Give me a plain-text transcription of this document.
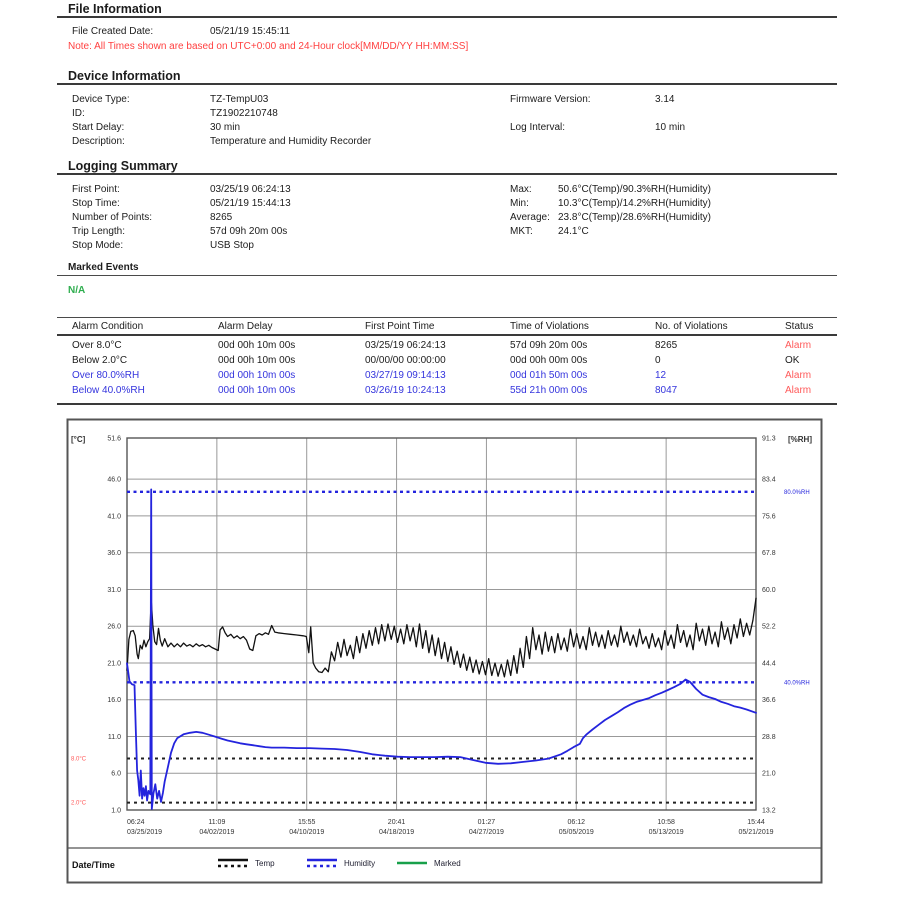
File Information
File Created Date:	05/21/19 15:45:11
Note: All Times shown are based on UTC+0:00 and 24-Hour clock[MM/DD/YY HH:MM:SS]
Device Information
Device Type:	TZ-TempU03
ID:	TZ1902210748
Start Delay:	30 min
Description:	Temperature and Humidity Recorder
Firmware Version:	3.14
Log Interval:	10 min
Logging Summary
First Point:	03/25/19 06:24:13
Stop Time:	05/21/19 15:44:13
Number of Points:	8265
Trip Length:	57d 09h 20m 00s
Stop Mode:	USB Stop
Max:	50.6°C(Temp)/90.3%RH(Humidity)
Min:	10.3°C(Temp)/14.2%RH(Humidity)
Average: 23.8°C(Temp)/28.6%RH(Humidity)
MKT:	24.1°C
Marked Events
N/A
Alarm Condition	Alarm Delay	First Point Time	Time of Violations	No. of Violations	Status
Over 8.0°C	00d 00h 10m 00s	03/25/19 06:24:13	57d 09h 20m 00s	8265	Alarm
Below 2.0°C	00d 00h 10m 00s	00/00/00 00:00:00	00d 00h 00m 00s	0	OK
Over 80.0%RH	00d 00h 10m 00s	03/27/19 09:14:13	00d 01h 50m 00s	12	Alarm
Below 40.0%RH	00d 00h 10m 00s	03/26/19 10:24:13	55d 21h 00m 00s	8047	Alarm
80.0%RH
40.0%RH
8.0°C
2.0°C
[°C]	[%RH]
51.6	91.3
46.0	83.4
41.0	75.6
36.0	67.8
31.0	60.0
26.0	52.2
21.0	44.4
16.0	36.6
11.0	28.8
6.0	21.0
1.0	13.2
06:24
03/25/2019
11:09
04/02/2019
15:55
04/10/2019
20:41
04/18/2019
01:27
04/27/2019
06:12
05/05/2019
10:58
05/13/2019
15:44
05/21/2019
Date/Time	Temp	Humidity	Marked
